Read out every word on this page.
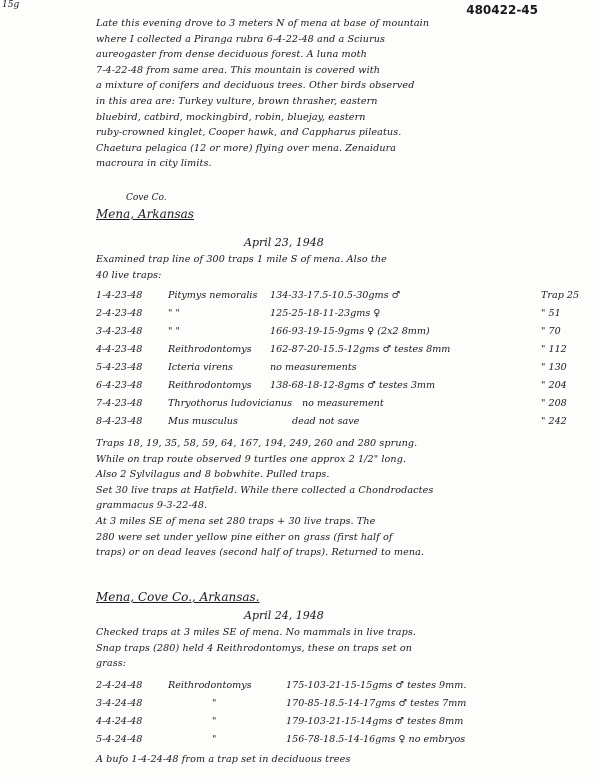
15g	480422-45
Late this evening drove to 3 meters N of mena at base of mountain
where I collected a Piranga rubra 6-4-22-48 and a Sciurus
aureogaster from dense deciduous forest. A luna moth
7-4-22-48 from same area. This mountain is covered with
a mixture of conifers and deciduous trees. Other birds observed
in this area are: Turkey vulture, brown thrasher, eastern
bluebird, catbird, mockingbird, robin, bluejay, eastern
ruby-crowned kinglet, Cooper hawk, and Cappharus pileatus.
Chaetura pelagica (12 or more) flying over mena. Zenaidura
macroura in city limits.
Cove Co.
Mena, Arkansas
April 23, 1948
Examined trap line of 300 traps 1 mile S of mena. Also the
40 live traps:
1-4-23-48	Pitymys nemoralis 134-33-17.5-10.5-30gms ♂	Trap 25
2-4-23-48	" "	125-25-18-11-23gms ♀	" 51
3-4-23-48	" "	166-93-19-15-9gms ♀ (2x2 8mm)	" 70
4-4-23-48	Reithrodontomys 162-87-20-15.5-12gms ♂ testes 8mm	" 112
5-4-23-48	Icteria virens	no measurements	" 130
6-4-23-48	Reithrodontomys 138-68-18-12-8gms ♂ testes 3mm	" 204
7-4-23-48	Thryothorus ludovicianus no measurement	" 208
8-4-23-48	Mus musculus	dead not save	" 242
Traps 18, 19, 35, 58, 59, 64, 167, 194, 249, 260 and 280 sprung.
While on trap route observed 9 turtles one approx 2 1/2" long.
Also 2 Sylvilagus and 8 bobwhite. Pulled traps.
Set 30 live traps at Hatfield. While there collected a Chondrodactes
grammacus 9-3-22-48.
At 3 miles SE of mena set 280 traps + 30 live traps. The
280 were set under yellow pine either on grass (first half of
traps) or on dead leaves (second half of traps). Returned to mena.
Mena, Cove Co., Arkansas.
April 24, 1948
Checked traps at 3 miles SE of mena. No mammals in live traps.
Snap traps (280) held 4 Reithrodontomys, these on traps set on
grass:
2-4-24-48	Reithrodontomys	175-103-21-15-15gms ♂ testes 9mm.
3-4-24-48	"	170-85-18.5-14-17gms ♂ testes 7mm
4-4-24-48	"	179-103-21-15-14gms ♂ testes 8mm
5-4-24-48	"	156-78-18.5-14-16gms ♀ no embryos
A bufo 1-4-24-48 from a trap set in deciduous trees
